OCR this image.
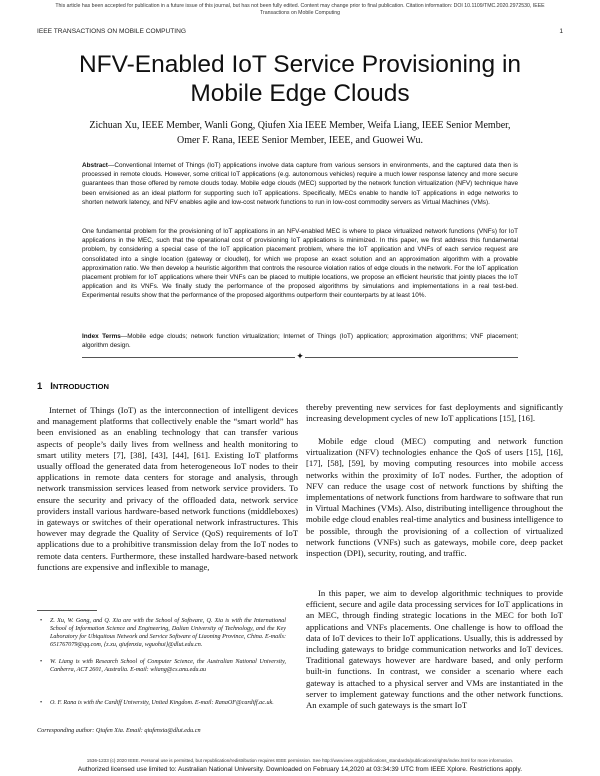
This article has been accepted for publication in a future issue of this journal, but has not been fully edited. Content may change prior to final publication. Citation information: DOI 10.1109/TMC.2020.2972530, IEEE
Transactions on Mobile Computing
IEEE TRANSACTIONS ON MOBILE COMPUTING	1
NFV-Enabled IoT Service Provisioning in Mobile Edge Clouds
Zichuan Xu, IEEE Member, Wanli Gong, Qiufen Xia IEEE Member, Weifa Liang, IEEE Senior Member,
Omer F. Rana, IEEE Senior Member, IEEE, and Guowei Wu.

Abstract—Conventional Internet of Things (IoT) applications involve data capture from various sensors in environments, and the captured data then is processed in remote clouds. However, some critical IoT applications (e.g. autonomous vehicles) require a much lower response latency and more secure guarantees than those offered by remote clouds today. Mobile edge clouds (MEC) supported by the network function virtualization (NFV) technique have been envisioned as an ideal platform for supporting such IoT applications. Specifically, MECs enable to handle IoT applications in edge networks to shorten network latency, and NFV enables agile and low-cost network functions to run in low-cost commodity servers as Virtual Machines (VMs).

One fundamental problem for the provisioning of IoT applications in an NFV-enabled MEC is where to place virtualized network functions (VNFs) for IoT applications in the MEC, such that the operational cost of provisioning IoT applications is minimized. In this paper, we first address this fundamental problem, by considering a special case of the IoT application placement problem, where the IoT application and VNFs of each service request are consolidated into a single location (gateway or cloudlet), for which we propose an exact solution and an approximation algorithm with a provable approximation ratio. We then develop a heuristic algorithm that controls the resource violation ratios of edge clouds in the network. For the IoT application placement problem for IoT applications where their VNFs can be placed to multiple locations, we propose an efficient heuristic that jointly places the IoT application and its VNFs. We finally study the performance of the proposed algorithms by simulations and implementations in a real test-bed. Experimental results show that the performance of the proposed algorithms outperform their counterparts by at least 10%.

Index Terms—Mobile edge clouds; network function virtualization; Internet of Things (IoT) application; approximation algorithms; VNF placement; algorithm design.

✦
1 INTRODUCTION

Internet of Things (IoT) as the interconnection of intelligent devices and management platforms that collectively enable the “smart world” has been envisioned as an enabling technology that can transfer various aspects of people’s daily lives from wellness and health monitoring to smart utility meters [7], [38], [43], [44], [61]. Existing IoT platforms usually offload the generated data from heterogeneous IoT nodes to their applications in remote data centers for storage and analysis, through network transmission services leased from network service providers. To ensure the security and privacy of the offloaded data, network service providers install various hardware-based network functions (middleboxes) in gateways or switches of their operational network infrastructures. This however may degrade the Quality of Service (QoS) requirements of IoT applications due to a prohibitive transmission delay from the IoT nodes to remote data centers. Furthermore, these installed hardware-based network functions are expensive and inflexible to manage,

thereby preventing new services for fast deployments and significantly increasing development cycles of new IoT applications [15], [16].

Mobile edge cloud (MEC) computing and network function virtualization (NFV) technologies enhance the QoS of users [15], [16], [17], [58], [59], by moving computing resources into mobile access networks within the proximity of IoT nodes. Further, the adoption of NFV can reduce the usage cost of network functions by shifting the implementations of network functions from hardware to software that run in Virtual Machines (VMs). Also, distributing intelligence throughout the mobile edge cloud enables real-time analytics and business intelligence to be possible, through the provisioning of a collection of virtualized network functions (VNFs) such as gateways, mobile core, deep packet inspection (DPI), security, routing, and traffic.

In this paper, we aim to develop algorithmic techniques to provide efficient, secure and agile data processing services for IoT applications in an MEC, through finding strategic locations in the MEC for both IoT applications and VNFs placements. One challenge is how to offload the data of IoT devices to their IoT applications. Usually, this is addressed by including gateways to bridge communication networks and IoT devices. Traditional gateways however are hardware based, and only perform built-in functions. In contrast, we consider a scenario where each gateway is attached to a physical server and VMs are instantiated in the server to implement gateway functions and the other network functions. An example of such gateways is the smart IoT

• Z. Xu, W. Gong, and Q. Xia are with the School of Software, Q. Xia is with the International School of Information Science and Engineering, Dalian University of Technology, and the Key Laboratory for Ubiquitous Network and Service Software of Liaoning Province, China. E-mails: 651767079@qq.com, {z.xu, qiufenxia, wguohui}@dlut.edu.cn.

• W. Liang is with Research School of Computer Science, the Australian National University, Canberra, ACT 2601, Australia. E-mail: wliang@cs.anu.edu.au

• O. F. Rana is with the Cardiff University, United Kingdom. E-mail: RanaOF@cardiff.ac.uk.

Corresponding author: Qiufen Xia. Email: qiufenxia@dlut.edu.cn

1536-1233 (c) 2020 IEEE. Personal use is permitted, but republication/redistribution requires IEEE permission. See http://www.ieee.org/publications_standards/publications/rights/index.html for more information.

Authorized licensed use limited to: Australian National University. Downloaded on February 14,2020 at 03:34:39 UTC from IEEE Xplore. Restrictions apply.
